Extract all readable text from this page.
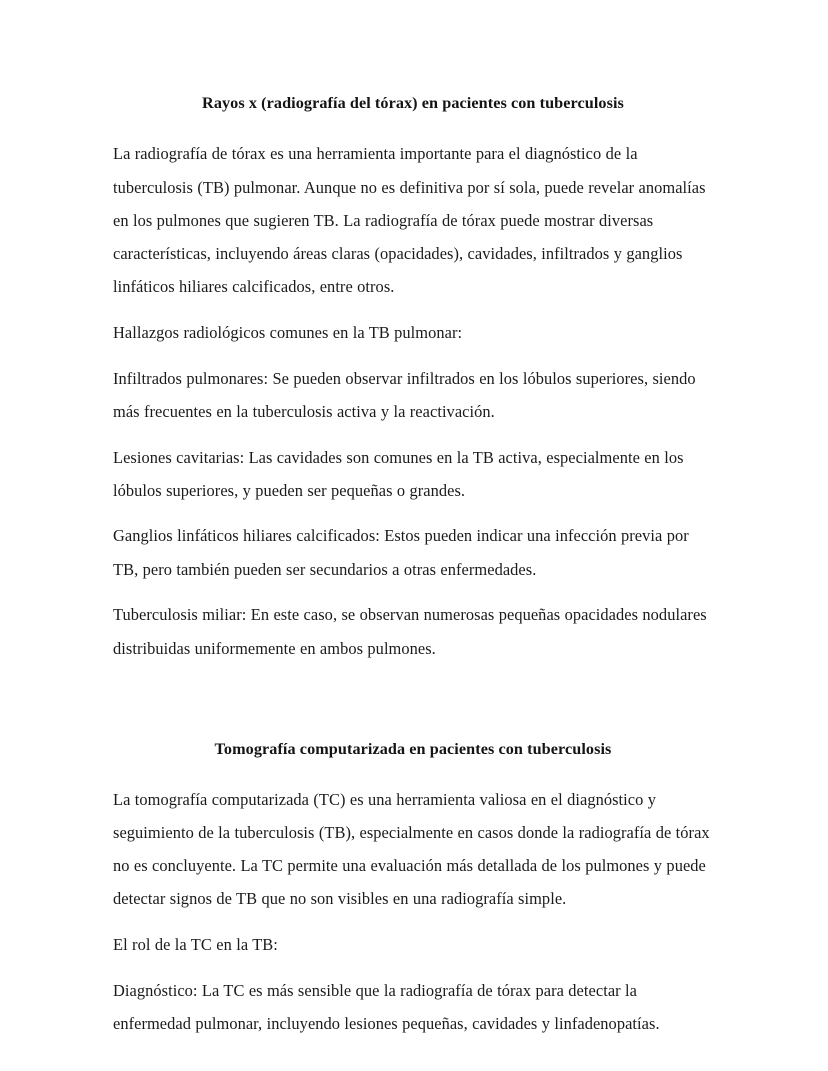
Rayos x (radiografía del tórax) en pacientes con tuberculosis

La radiografía de tórax es una herramienta importante para el diagnóstico de la tuberculosis (TB) pulmonar. Aunque no es definitiva por sí sola, puede revelar anomalías en los pulmones que sugieren TB. La radiografía de tórax puede mostrar diversas características, incluyendo áreas claras (opacidades), cavidades, infiltrados y ganglios linfáticos hiliares calcificados, entre otros.

Hallazgos radiológicos comunes en la TB pulmonar:

Infiltrados pulmonares: Se pueden observar infiltrados en los lóbulos superiores, siendo más frecuentes en la tuberculosis activa y la reactivación.

Lesiones cavitarias: Las cavidades son comunes en la TB activa, especialmente en los lóbulos superiores, y pueden ser pequeñas o grandes.

Ganglios linfáticos hiliares calcificados: Estos pueden indicar una infección previa por TB, pero también pueden ser secundarios a otras enfermedades.

Tuberculosis miliar: En este caso, se observan numerosas pequeñas opacidades nodulares distribuidas uniformemente en ambos pulmones.

Tomografía computarizada en pacientes con tuberculosis

La tomografía computarizada (TC) es una herramienta valiosa en el diagnóstico y seguimiento de la tuberculosis (TB), especialmente en casos donde la radiografía de tórax no es concluyente. La TC permite una evaluación más detallada de los pulmones y puede detectar signos de TB que no son visibles en una radiografía simple.

El rol de la TC en la TB:

Diagnóstico: La TC es más sensible que la radiografía de tórax para detectar la enfermedad pulmonar, incluyendo lesiones pequeñas, cavidades y linfadenopatías.
